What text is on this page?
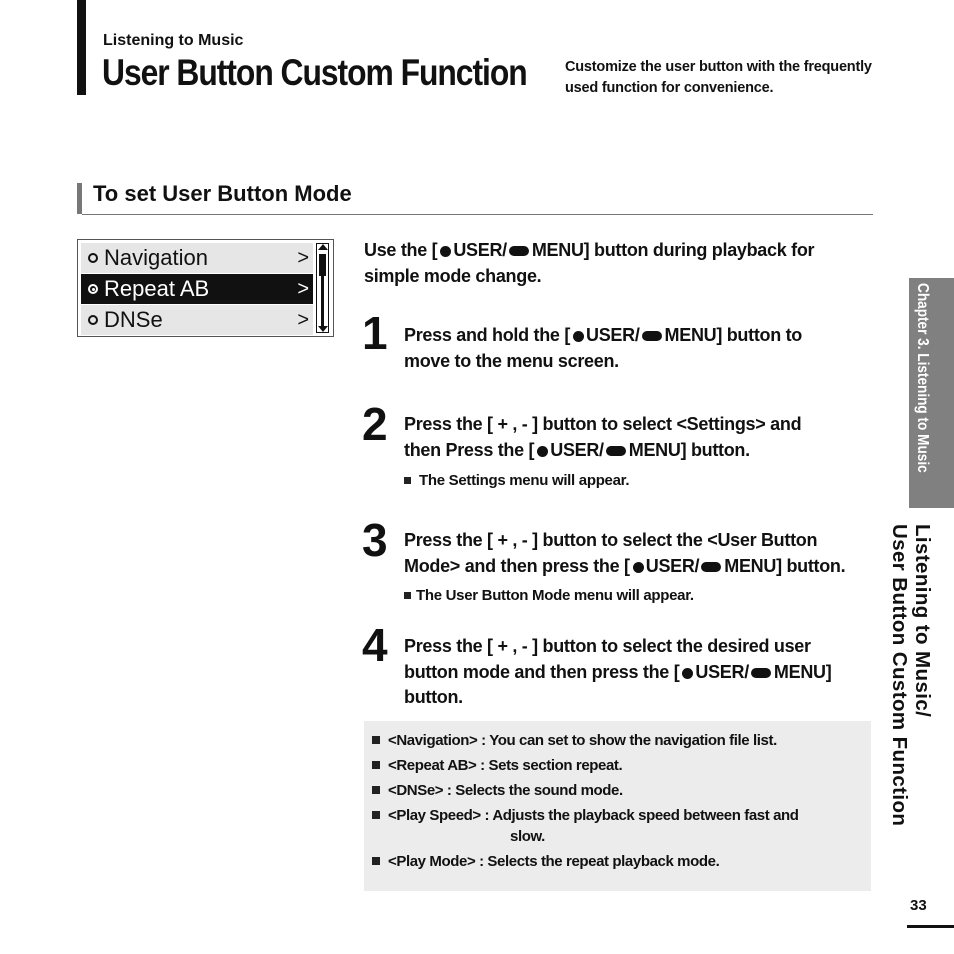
Listening to Music
User Button Custom Function	Customize the user button with the frequently used function for convenience.
To set User Button Mode
Navigation	>
Repeat AB	>
DNSe	>
Use the [ USER/ MENU] button during playback for
simple mode change.
1 Press and hold the [ USER/ MENU] button to
move to the menu screen.
2 Press the [ + , - ] button to select <Settings> and
then Press the [ USER/ MENU] button.
The Settings menu will appear.
3 Press the [ + , - ] button to select the <User Button
Mode> and then press the [ USER/ MENU] button.
The User Button Mode menu will appear.
4 Press the [ + , - ] button to select the desired user
button mode and then press the [ USER/ MENU]
button.
<Navigation> : You can set to show the navigation file list.
<Repeat AB> : Sets section repeat.
<DNSe> : Selects the sound mode.
<Play Speed> : Adjusts the playback speed between fast and
slow.
<Play Mode> : Selects the repeat playback mode.
Chapter 3. Listening to Music
Listening to Music/
User Button Custom Function
33
